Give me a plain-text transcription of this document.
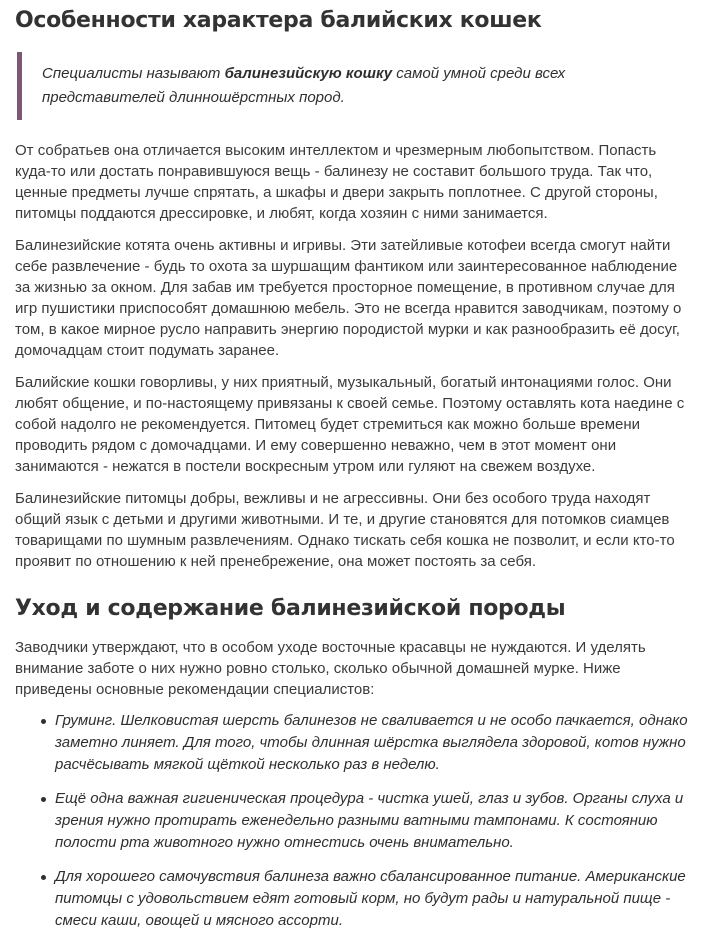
Особенности характера балийских кошек
Специалисты называют балинезийскую кошку самой умной среди всех представителей длинношёрстных пород.

От собратьев она отличается высоким интеллектом и чрезмерным любопытством. Попасть куда-то или достать понравившуюся вещь - балинезу не составит большого труда. Так что, ценные предметы лучше спрятать, а шкафы и двери закрыть поплотнее. С другой стороны, питомцы поддаются дрессировке, и любят, когда хозяин с ними занимается.

Балинезийские котята очень активны и игривы. Эти затейливые котофеи всегда смогут найти себе развлечение - будь то охота за шуршащим фантиком или заинтересованное наблюдение за жизнью за окном. Для забав им требуется просторное помещение, в противном случае для игр пушистики приспособят домашнюю мебель. Это не всегда нравится заводчикам, поэтому о том, в какое мирное русло направить энергию породистой мурки и как разнообразить её досуг, домочадцам стоит подумать заранее.

Балийские кошки говорливы, у них приятный, музыкальный, богатый интонациями голос. Они любят общение, и по-настоящему привязаны к своей семье. Поэтому оставлять кота наедине с собой надолго не рекомендуется. Питомец будет стремиться как можно больше времени проводить рядом с домочадцами. И ему совершенно неважно, чем в этот момент они занимаются - нежатся в постели воскресным утром или гуляют на свежем воздухе.

Балинезийские питомцы добры, вежливы и не агрессивны. Они без особого труда находят общий язык с детьми и другими животными. И те, и другие становятся для потомков сиамцев товарищами по шумным развлечениям. Однако тискать себя кошка не позволит, и если кто-то проявит по отношению к ней пренебрежение, она может постоять за себя.

Уход и содержание балинезийской породы

Заводчики утверждают, что в особом уходе восточные красавцы не нуждаются. И уделять внимание заботе о них нужно ровно столько, сколько обычной домашней мурке. Ниже приведены основные рекомендации специалистов:

Груминг. Шелковистая шерсть балинезов не сваливается и не особо пачкается, однако заметно линяет. Для того, чтобы длинная шёрстка выглядела здоровой, котов нужно расчёсывать мягкой щёткой несколько раз в неделю.
Ещё одна важная гигиеническая процедура - чистка ушей, глаз и зубов. Органы слуха и зрения нужно протирать еженедельно разными ватными тампонами. К состоянию полости рта животного нужно отнестись очень внимательно.
Для хорошего самочувствия балинеза важно сбалансированное питание. Американские питомцы с удовольствием едят готовый корм, но будут рады и натуральной пище - смеси каши, овощей и мясного ассорти.
